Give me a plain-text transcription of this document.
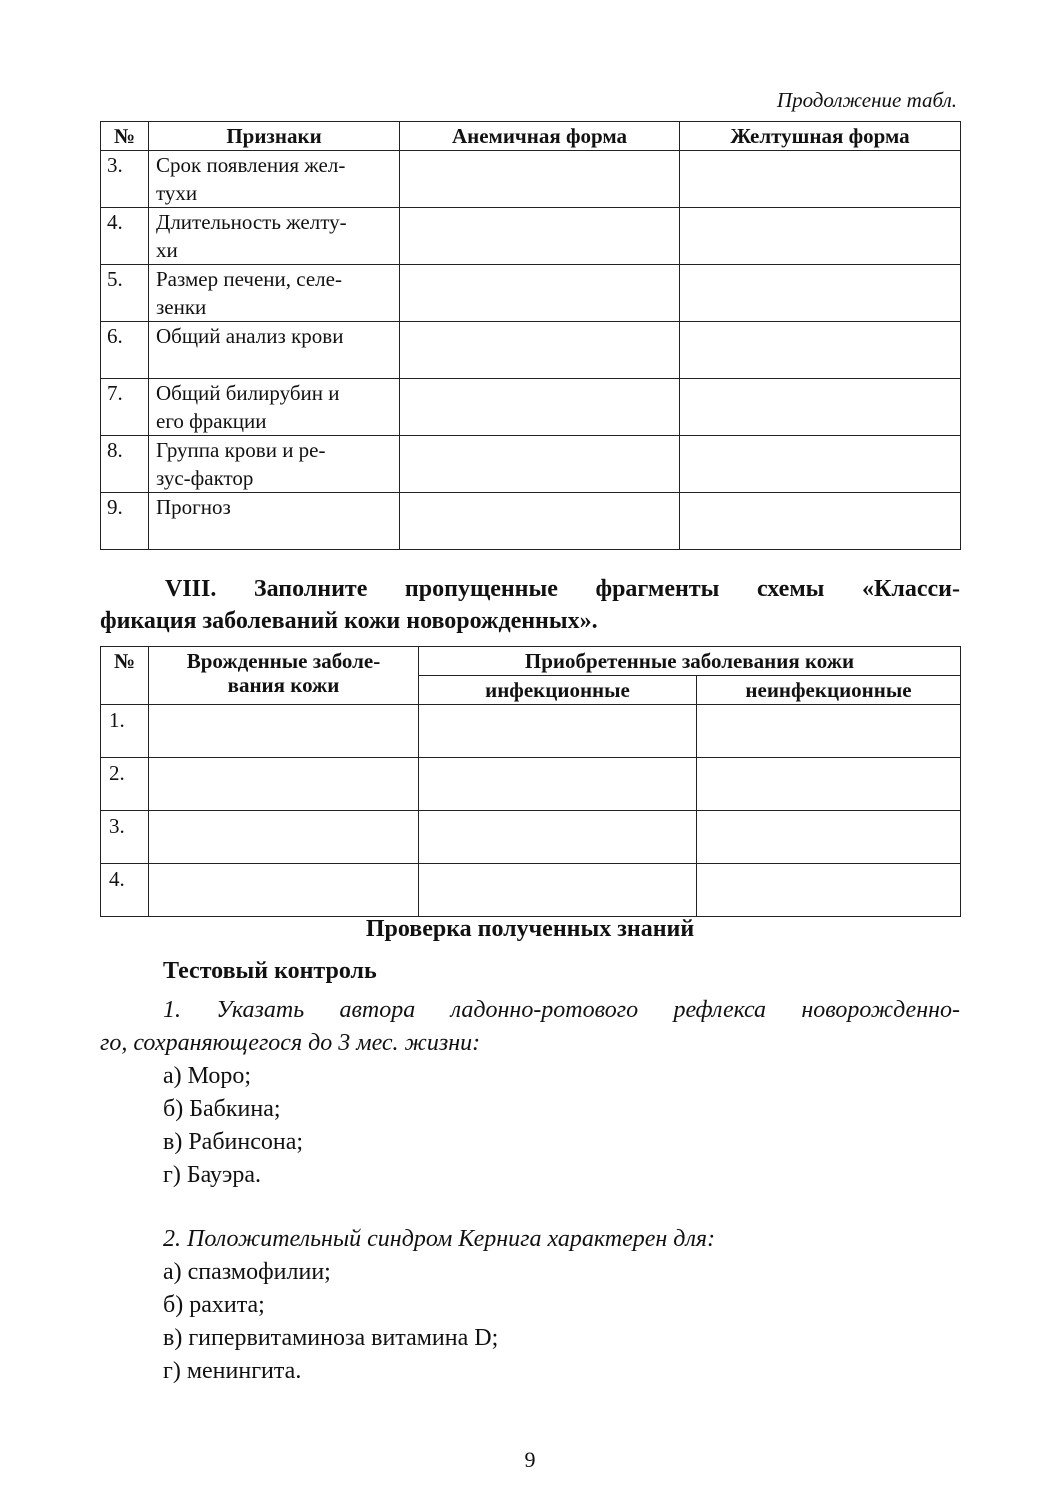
Продолжение табл.
№	Признаки	Анемичная форма	Желтушная форма
3.	Срок появления жел-
тухи		
4.	Длительность желту-
хи		
5.	Размер печени, селе-
зенки		
6.	Общий анализ крови		
7.	Общий билирубин и
его фракции		
8.	Группа крови и ре-
зус-фактор		
9.	Прогноз		
VIII. Заполните пропущенные фрагменты схемы «Класси-
фикация заболеваний кожи новорожденных».
№	Врожденные заболе-
вания кожи	Приобретенные заболевания кожи	
		инфекционные	неинфекционные
1.			
2.			
3.			
4.			
Проверка полученных знаний
Тестовый контроль
1. Указать автора ладонно-ротового рефлекса новорожденно-
го, сохраняющегося до 3 мес. жизни:
а) Моро;
б) Бабкина;
в) Рабинсона;
г) Бауэра.
2. Положительный синдром Кернига характерен для:
а) спазмофилии;
б) рахита;
в) гипервитаминоза витамина D;
г) менингита.
9
